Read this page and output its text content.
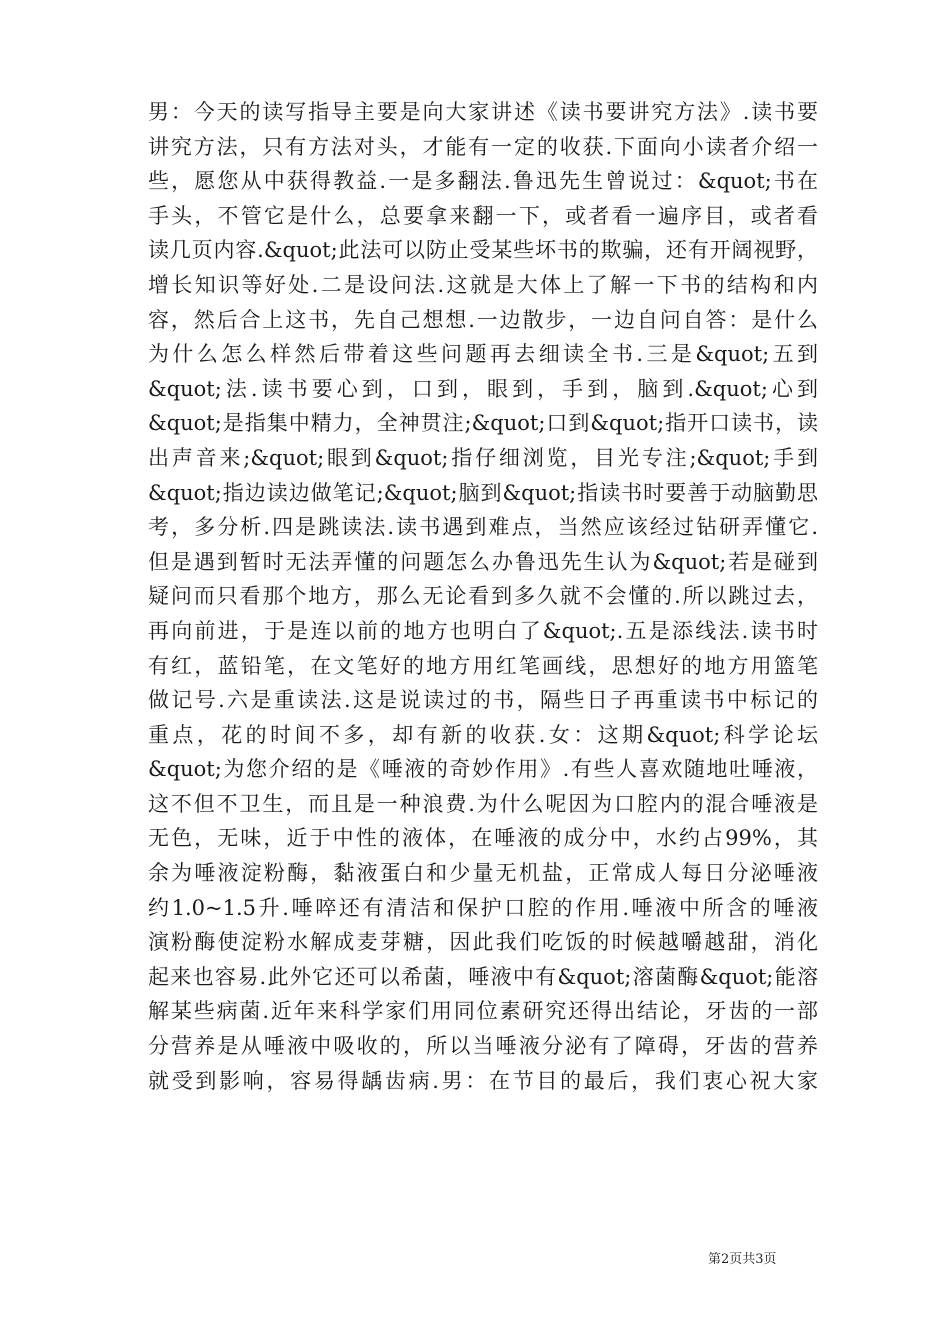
男：今天的读写指导主要是向大家讲述《读书要讲究方法》.读书要
讲究方法，只有方法对头，才能有一定的收获.下面向小读者介绍一
些，愿您从中获得教益.一是多翻法.鲁迅先生曾说过：&quot;书在
手头，不管它是什么，总要拿来翻一下，或者看一遍序目，或者看
读几页内容.&quot;此法可以防止受某些坏书的欺骗，还有开阔视野，
增长知识等好处.二是设问法.这就是大体上了解一下书的结构和内
容，然后合上这书，先自己想想.一边散步，一边自问自答：是什么
为什么怎么样然后带着这些问题再去细读全书.三是&quot;五到
&quot;法.读书要心到，口到，眼到，手到，脑到.&quot;心到
&quot;是指集中精力，全神贯注;&quot;口到&quot;指开口读书，读
出声音来;&quot;眼到&quot;指仔细浏览，目光专注;&quot;手到
&quot;指边读边做笔记;&quot;脑到&quot;指读书时要善于动脑勤思
考，多分析.四是跳读法.读书遇到难点，当然应该经过钻研弄懂它.
但是遇到暂时无法弄懂的问题怎么办鲁迅先生认为&quot;若是碰到
疑问而只看那个地方，那么无论看到多久就不会懂的.所以跳过去，
再向前进，于是连以前的地方也明白了&quot;.五是添线法.读书时
有红，蓝铅笔，在文笔好的地方用红笔画线，思想好的地方用篮笔
做记号.六是重读法.这是说读过的书，隔些日子再重读书中标记的
重点，花的时间不多，却有新的收获.女：这期&quot;科学论坛
&quot;为您介绍的是《唾液的奇妙作用》.有些人喜欢随地吐唾液，
这不但不卫生，而且是一种浪费.为什么呢因为口腔内的混合唾液是
无色，无味，近于中性的液体，在唾液的成分中，水约占99%，其
余为唾液淀粉酶，黏液蛋白和少量无机盐，正常成人每日分泌唾液
约1.0~1.5升.唾啐还有清洁和保护口腔的作用.唾液中所含的唾液
演粉酶使淀粉水解成麦芽糖，因此我们吃饭的时候越嚼越甜，消化
起来也容易.此外它还可以希菌，唾液中有&quot;溶菌酶&quot;能溶
解某些病菌.近年来科学家们用同位素研究还得出结论，牙齿的一部
分营养是从唾液中吸收的，所以当唾液分泌有了障碍，牙齿的营养
就受到影响，容易得龋齿病.男：在节目的最后，我们衷心祝大家
第2页共3页
